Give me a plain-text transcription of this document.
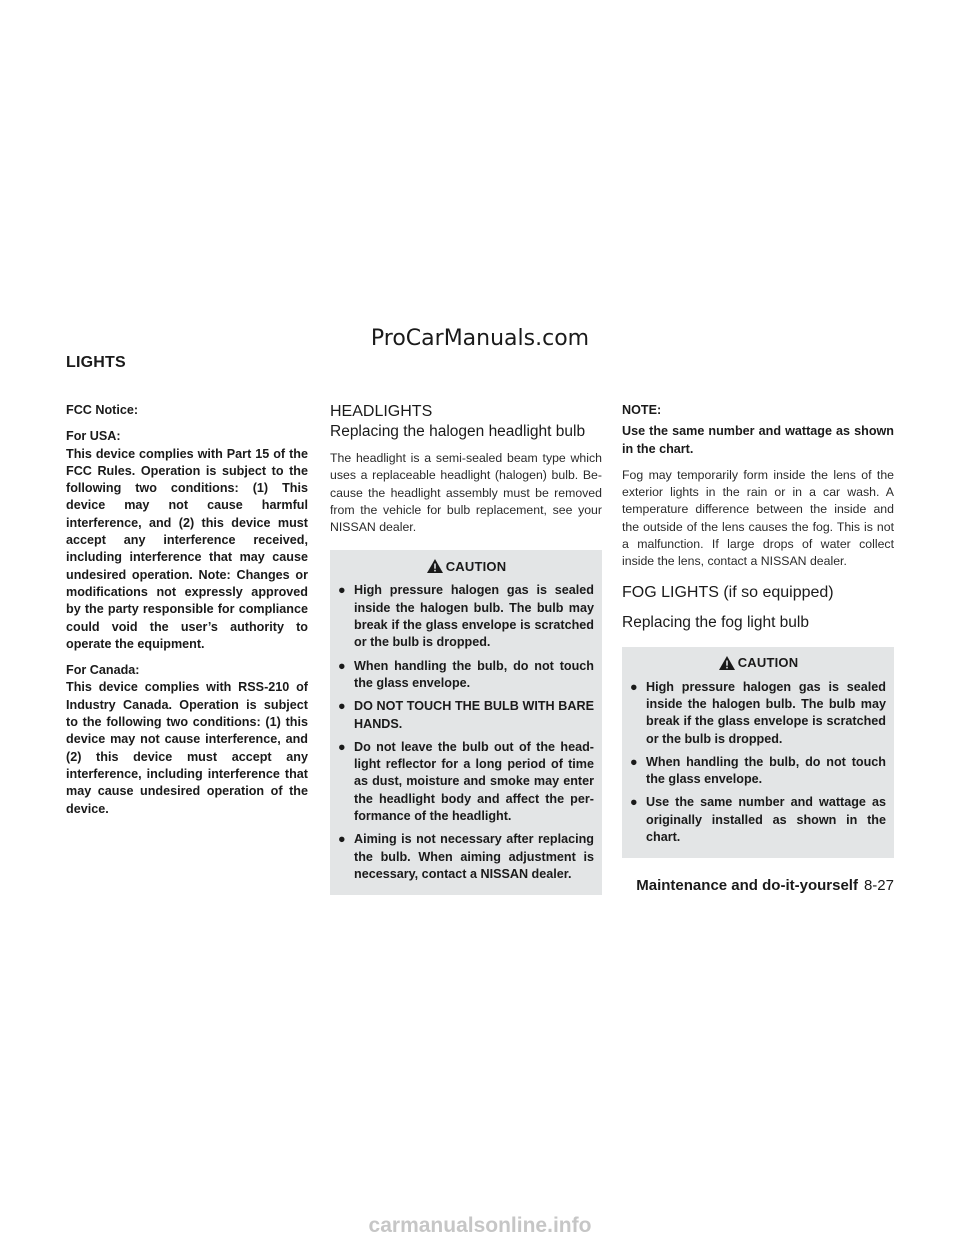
ProCarManuals.com
LIGHTS

FCC Notice:

For USA:

This device complies with Part 15 of the FCC Rules. Operation is subject to the following two conditions: (1) This device may not cause harmful interference, and (2) this device must accept any interference received, including interference that may cause undesired operation. Note: Changes or modifications not expressly approved by the party responsible for compliance could void the user’s authority to operate the equipment.

For Canada:

This device complies with RSS-210 of Industry Canada. Operation is subject to the following two conditions: (1) this device may not cause interference, and (2) this device must accept any interference, including interference that may cause undesired operation of the device.

HEADLIGHTS
Replacing the halogen headlight bulb

The headlight is a semi-sealed beam type which uses a replaceable headlight (halogen) bulb. Because the headlight assembly must be removed from the vehicle for bulb replacement, see your NISSAN dealer.

CAUTION
● High pressure halogen gas is sealed inside the halogen bulb. The bulb may break if the glass envelope is scratched or the bulb is dropped.
● When handling the bulb, do not touch the glass envelope.
● DO NOT TOUCH THE BULB WITH BARE HANDS.
● Do not leave the bulb out of the headlight reflector for a long period of time as dust, moisture and smoke may enter the headlight body and affect the performance of the headlight.
● Aiming is not necessary after replacing the bulb. When aiming adjustment is necessary, contact a NISSAN dealer.

NOTE:

Use the same number and wattage as shown in the chart.

Fog may temporarily form inside the lens of the exterior lights in the rain or in a car wash. A temperature difference between the inside and the outside of the lens causes the fog. This is not a malfunction. If large drops of water collect inside the lens, contact a NISSAN dealer.

FOG LIGHTS (if so equipped)
Replacing the fog light bulb
CAUTION
● High pressure halogen gas is sealed inside the halogen bulb. The bulb may break if the glass envelope is scratched or the bulb is dropped.
● When handling the bulb, do not touch the glass envelope.
● Use the same number and wattage as originally installed as shown in the chart.
Maintenance and do-it-yourself 8-27
carmanualsonline.info
